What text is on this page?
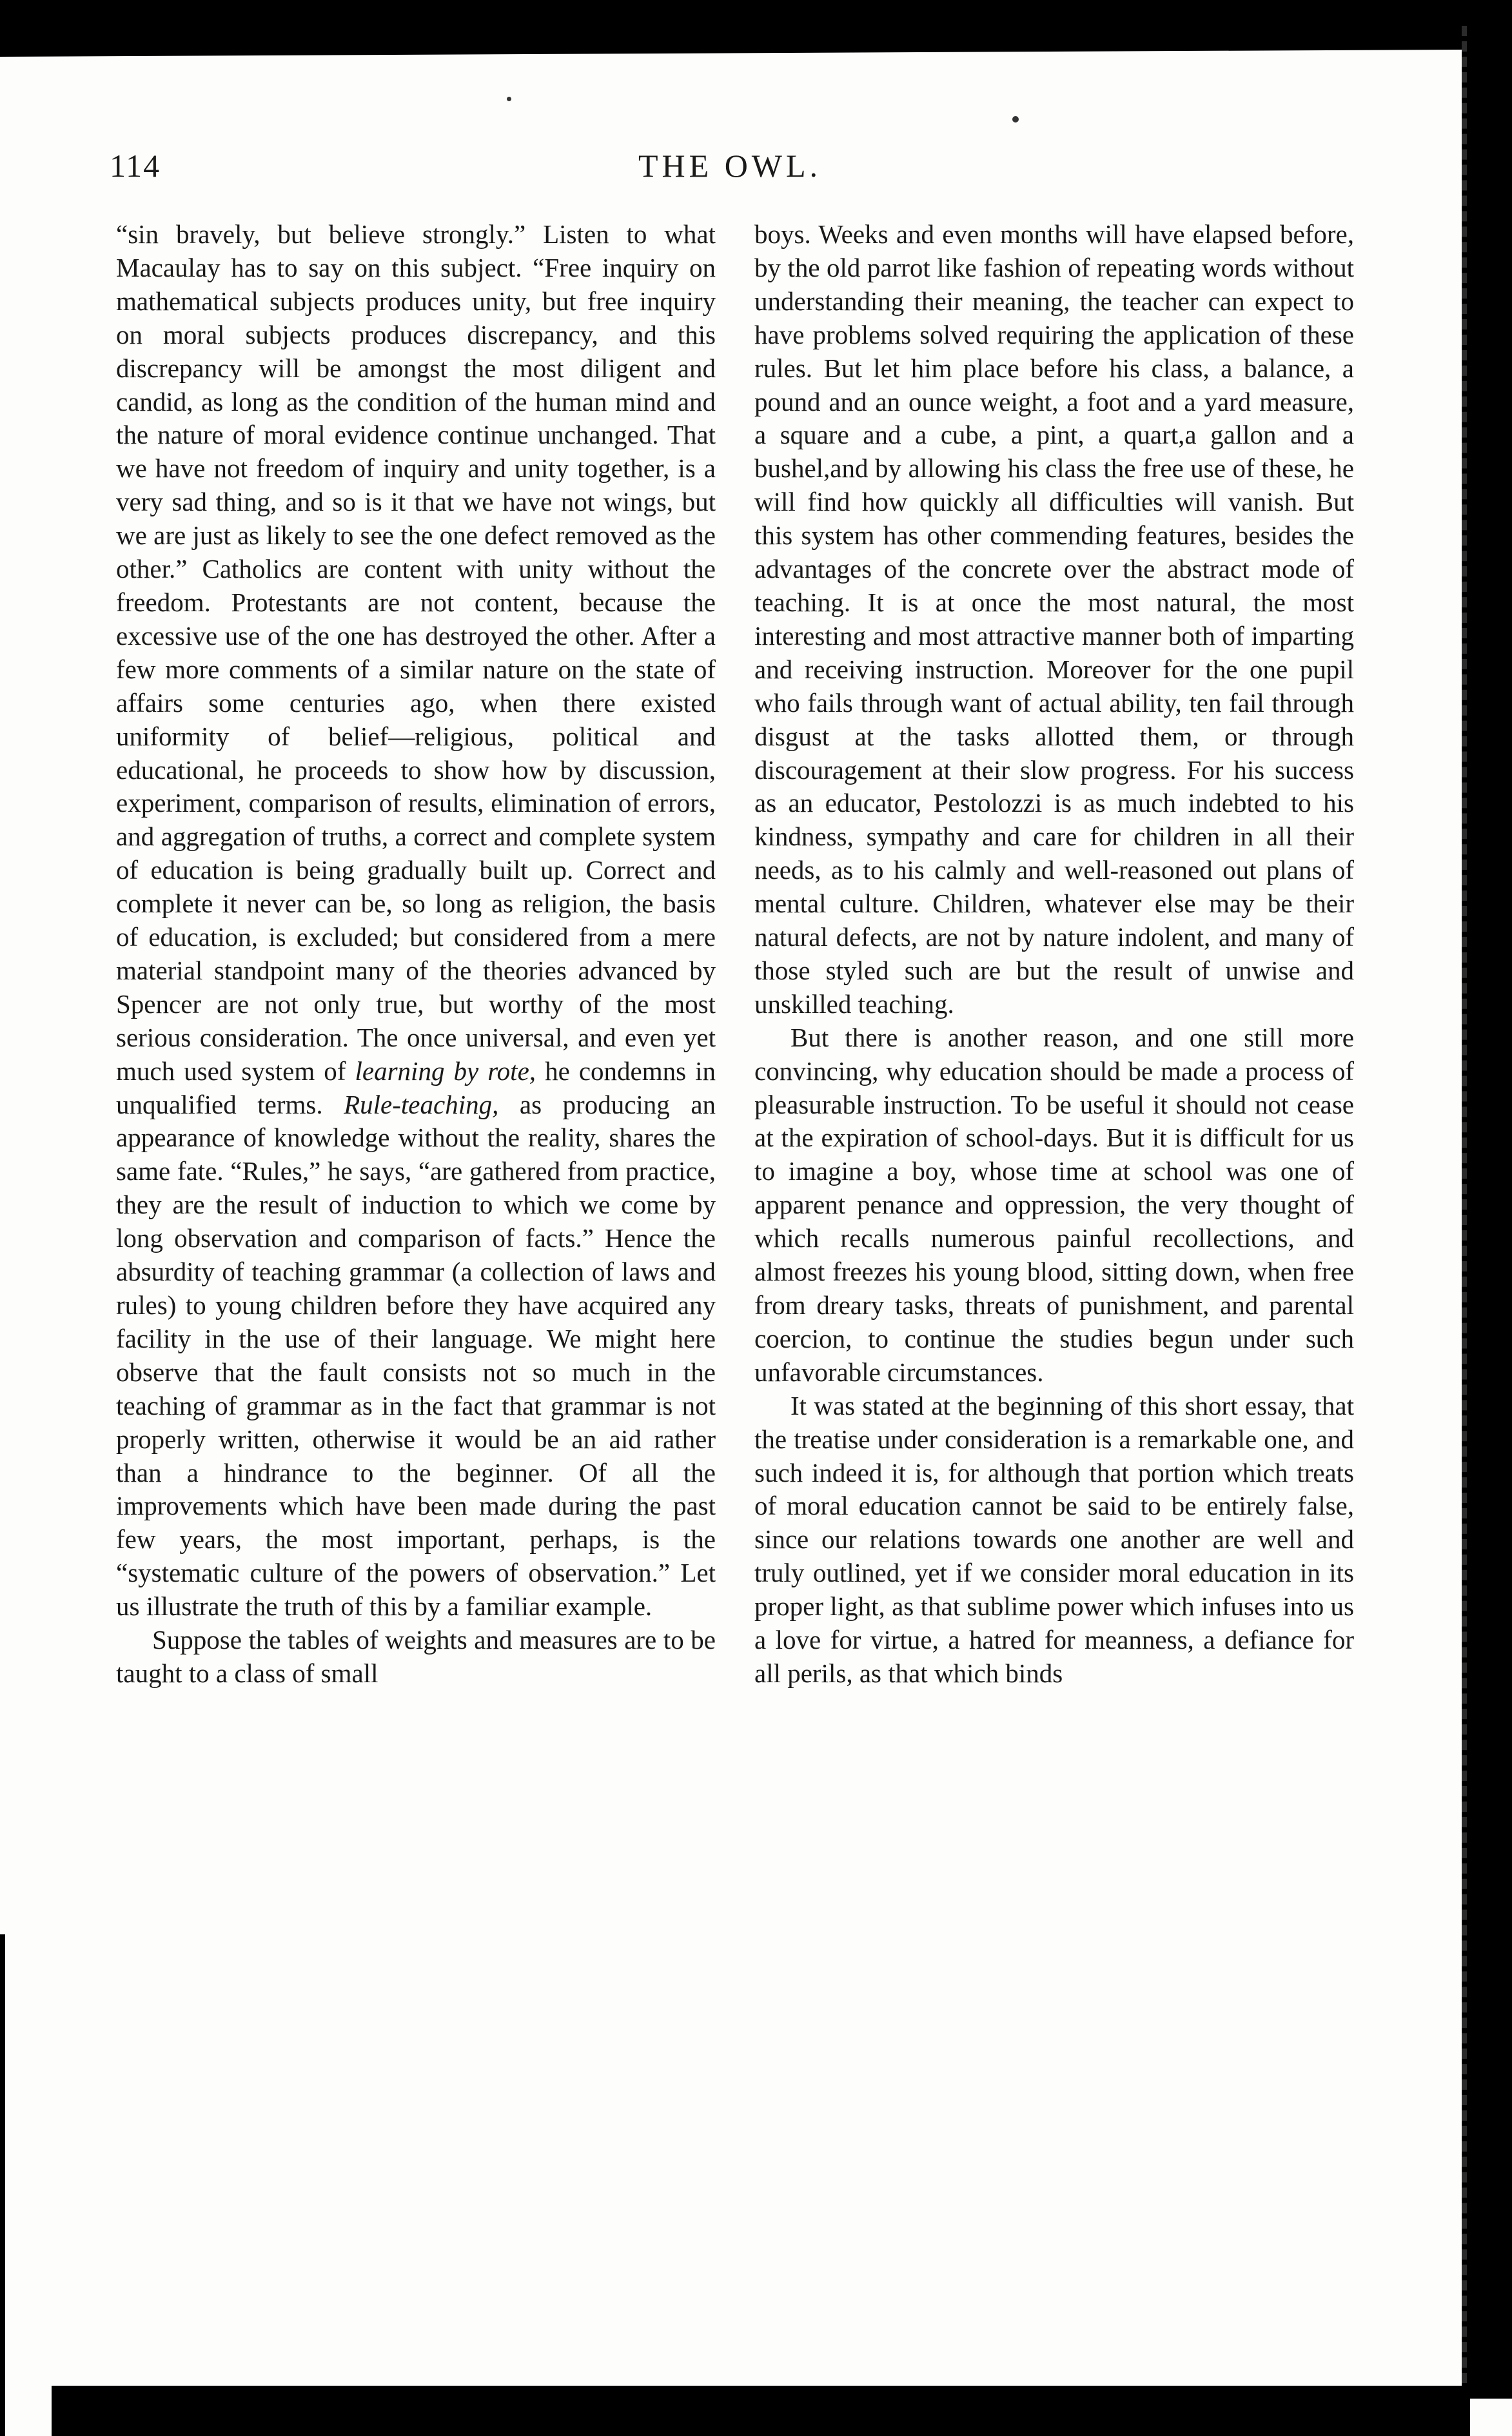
114	THE OWL.

“sin bravely, but believe strongly.” Listen to what Macaulay has to say on this subject. “Free inquiry on mathematical subjects produces unity, but free inquiry on moral subjects produces discrepancy, and this discrepancy will be amongst the most diligent and candid, as long as the condition of the human mind and the nature of moral evidence continue unchanged. That we have not freedom of inquiry and unity together, is a very sad thing, and so is it that we have not wings, but we are just as likely to see the one defect removed as the other.” Catholics are content with unity without the freedom. Protestants are not content, because the excessive use of the one has destroyed the other. After a few more comments of a similar nature on the state of affairs some centuries ago, when there existed uniformity of belief—religious, political and educational, he proceeds to show how by discussion, experiment, comparison of results, elimination of errors, and aggregation of truths, a correct and complete system of education is being gradually built up. Correct and complete it never can be, so long as religion, the basis of education, is excluded; but considered from a mere material standpoint many of the theories advanced by Spencer are not only true, but worthy of the most serious consideration. The once universal, and even yet much used system of learning by rote, he condemns in unqualified terms. Rule-teaching, as producing an appearance of knowledge without the reality, shares the same fate. “Rules,” he says, “are gathered from practice, they are the result of induction to which we come by long observation and comparison of facts.” Hence the absurdity of teaching grammar (a collection of laws and rules) to young children before they have acquired any facility in the use of their language. We might here observe that the fault consists not so much in the teaching of grammar as in the fact that grammar is not properly written, otherwise it would be an aid rather than a hindrance to the beginner. Of all the improvements which have been made during the past few years, the most important, perhaps, is the “systematic culture of the powers of observation.” Let us illustrate the truth of this by a familiar example.

Suppose the tables of weights and measures are to be taught to a class of small

boys. Weeks and even months will have elapsed before, by the old parrot like fashion of repeating words without understanding their meaning, the teacher can expect to have problems solved requiring the application of these rules. But let him place before his class, a balance, a pound and an ounce weight, a foot and a yard measure, a square and a cube, a pint, a quart,a gallon and a bushel,and by allowing his class the free use of these, he will find how quickly all difficulties will vanish. But this system has other commending features, besides the advantages of the concrete over the abstract mode of teaching. It is at once the most natural, the most interesting and most attractive manner both of imparting and receiving instruction. Moreover for the one pupil who fails through want of actual ability, ten fail through disgust at the tasks allotted them, or through discouragement at their slow progress. For his success as an educator, Pestolozzi is as much indebted to his kindness, sympathy and care for children in all their needs, as to his calmly and well-reasoned out plans of mental culture. Children, whatever else may be their natural defects, are not by nature indolent, and many of those styled such are but the result of unwise and unskilled teaching.

But there is another reason, and one still more convincing, why education should be made a process of pleasurable instruction. To be useful it should not cease at the expiration of school-days. But it is difficult for us to imagine a boy, whose time at school was one of apparent penance and oppression, the very thought of which recalls numerous painful recollections, and almost freezes his young blood, sitting down, when free from dreary tasks, threats of punishment, and parental coercion, to continue the studies begun under such unfavorable circumstances.

It was stated at the beginning of this short essay, that the treatise under consideration is a remarkable one, and such indeed it is, for although that portion which treats of moral education cannot be said to be entirely false, since our relations towards one another are well and truly outlined, yet if we consider moral education in its proper light, as that sublime power which infuses into us a love for virtue, a hatred for meanness, a defiance for all perils, as that which binds
